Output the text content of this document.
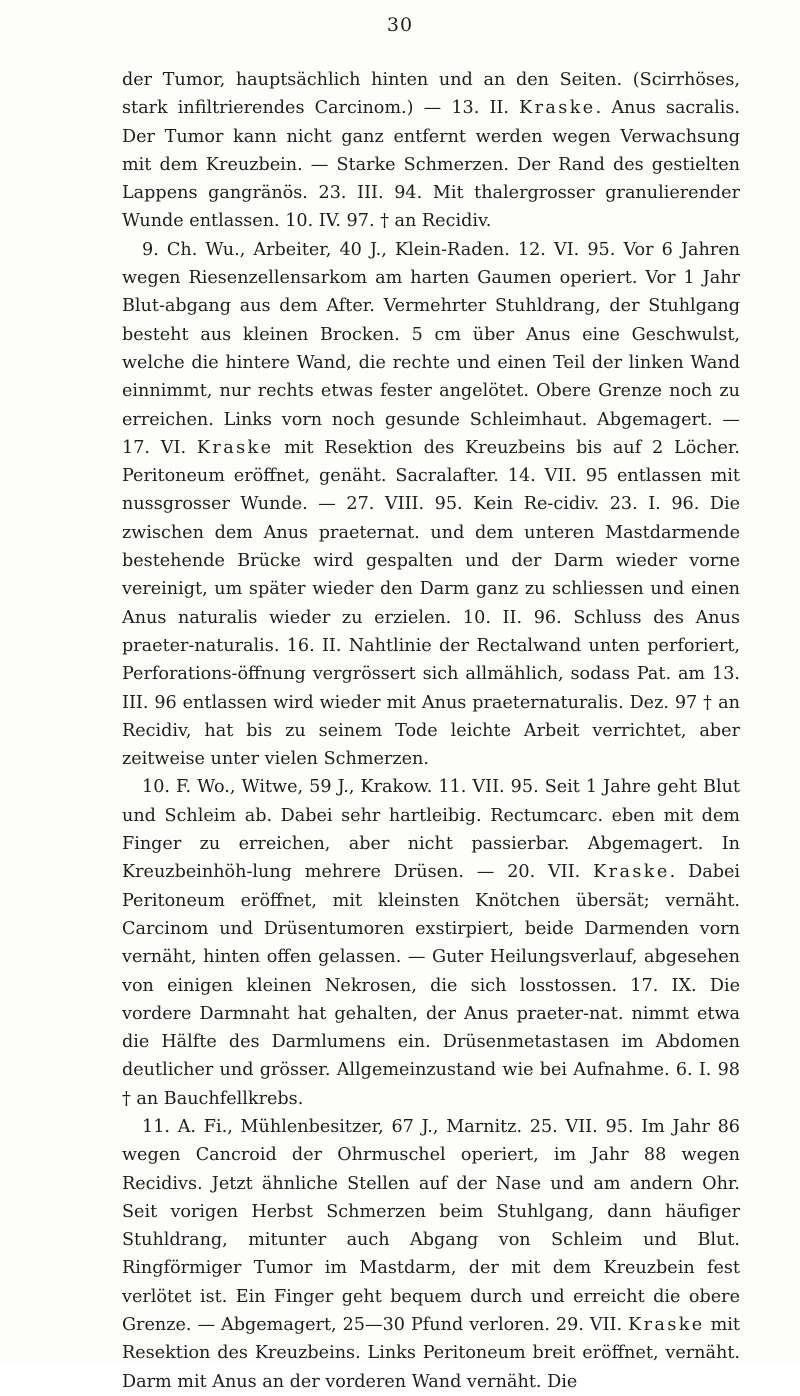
30

der Tumor, hauptsächlich hinten und an den Seiten. (Scirrhöses, stark infiltrierendes Carcinom.) — 13. II. Kraske. Anus sacralis. Der Tumor kann nicht ganz entfernt werden wegen Verwachsung mit dem Kreuzbein. — Starke Schmerzen. Der Rand des gestielten Lappens gangränös. 23. III. 94. Mit thalergrosser granulierender Wunde entlassen. 10. IV. 97. † an Recidiv.

9. Ch. Wu., Arbeiter, 40 J., Klein-Raden. 12. VI. 95. Vor 6 Jahren wegen Riesenzellensarkom am harten Gaumen operiert. Vor 1 Jahr Blut-abgang aus dem After. Vermehrter Stuhldrang, der Stuhlgang besteht aus kleinen Brocken. 5 cm über Anus eine Geschwulst, welche die hintere Wand, die rechte und einen Teil der linken Wand einnimmt, nur rechts etwas fester angelötet. Obere Grenze noch zu erreichen. Links vorn noch gesunde Schleimhaut. Abgemagert. — 17. VI. Kraske mit Resektion des Kreuzbeins bis auf 2 Löcher. Peritoneum eröffnet, genäht. Sacralafter. 14. VII. 95 entlassen mit nussgrosser Wunde. — 27. VIII. 95. Kein Re-cidiv. 23. I. 96. Die zwischen dem Anus praeternat. und dem unteren Mastdarmende bestehende Brücke wird gespalten und der Darm wieder vorne vereinigt, um später wieder den Darm ganz zu schliessen und einen Anus naturalis wieder zu erzielen. 10. II. 96. Schluss des Anus praeter-naturalis. 16. II. Nahtlinie der Rectalwand unten perforiert, Perforations-öffnung vergrössert sich allmählich, sodass Pat. am 13. III. 96 entlassen wird wieder mit Anus praeternaturalis. Dez. 97 † an Recidiv, hat bis zu seinem Tode leichte Arbeit verrichtet, aber zeitweise unter vielen Schmerzen.

10. F. Wo., Witwe, 59 J., Krakow. 11. VII. 95. Seit 1 Jahre geht Blut und Schleim ab. Dabei sehr hartleibig. Rectumcarc. eben mit dem Finger zu erreichen, aber nicht passierbar. Abgemagert. In Kreuzbeinhöh-lung mehrere Drüsen. — 20. VII. Kraske. Dabei Peritoneum eröffnet, mit kleinsten Knötchen übersät; vernäht. Carcinom und Drüsentumoren exstirpiert, beide Darmenden vorn vernäht, hinten offen gelassen. — Guter Heilungsverlauf, abgesehen von einigen kleinen Nekrosen, die sich losstossen. 17. IX. Die vordere Darmnaht hat gehalten, der Anus praeter-nat. nimmt etwa die Hälfte des Darmlumens ein. Drüsenmetastasen im Abdomen deutlicher und grösser. Allgemeinzustand wie bei Aufnahme. 6. I. 98 † an Bauchfellkrebs.

11. A. Fi., Mühlenbesitzer, 67 J., Marnitz. 25. VII. 95. Im Jahr 86 wegen Cancroid der Ohrmuschel operiert, im Jahr 88 wegen Recidivs. Jetzt ähnliche Stellen auf der Nase und am andern Ohr. Seit vorigen Herbst Schmerzen beim Stuhlgang, dann häufiger Stuhldrang, mitunter auch Abgang von Schleim und Blut. Ringförmiger Tumor im Mastdarm, der mit dem Kreuzbein fest verlötet ist. Ein Finger geht bequem durch und erreicht die obere Grenze. — Abgemagert, 25—30 Pfund verloren. 29. VII. Kraske mit Resektion des Kreuzbeins. Links Peritoneum breit eröffnet, vernäht. Darm mit Anus an der vorderen Wand vernäht. Die
